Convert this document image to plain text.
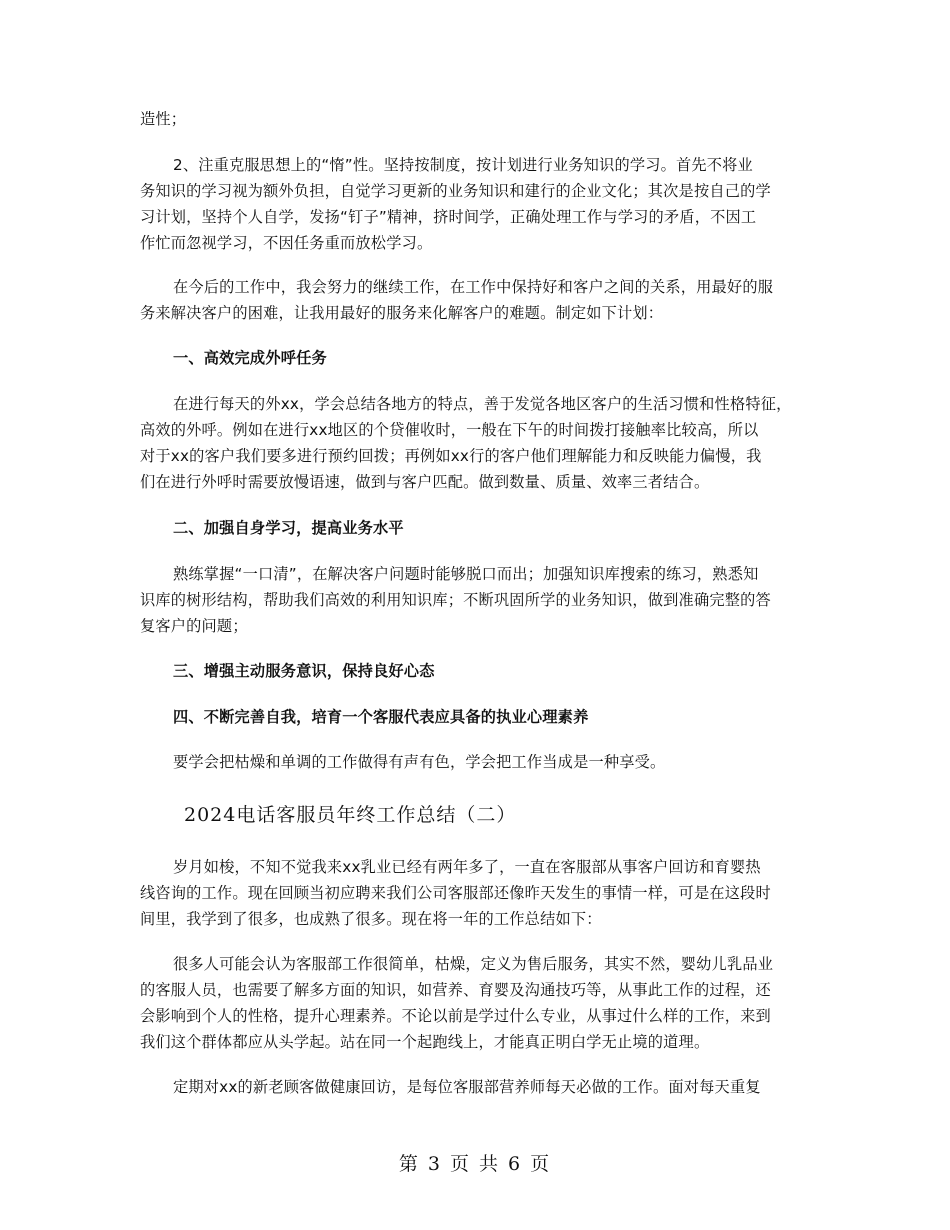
造性；
2、注重克服思想上的“惰”性。坚持按制度，按计划进行业务知识的学习。首先不将业
务知识的学习视为额外负担，自觉学习更新的业务知识和建行的企业文化；其次是按自己的学
习计划，坚持个人自学，发扬“钉子”精神，挤时间学，正确处理工作与学习的矛盾，不因工
作忙而忽视学习，不因任务重而放松学习。
在今后的工作中，我会努力的继续工作，在工作中保持好和客户之间的关系，用最好的服
务来解决客户的困难，让我用最好的服务来化解客户的难题。制定如下计划：
一、高效完成外呼任务
在进行每天的外xx，学会总结各地方的特点，善于发觉各地区客户的生活习惯和性格特征，
高效的外呼。例如在进行xx地区的个贷催收时，一般在下午的时间拨打接触率比较高，所以
对于xx的客户我们要多进行预约回拨；再例如xx行的客户他们理解能力和反映能力偏慢，我
们在进行外呼时需要放慢语速，做到与客户匹配。做到数量、质量、效率三者结合。
二、加强自身学习，提高业务水平
熟练掌握“一口清”，在解决客户问题时能够脱口而出；加强知识库搜索的练习，熟悉知
识库的树形结构，帮助我们高效的利用知识库；不断巩固所学的业务知识，做到准确完整的答
复客户的问题；
三、增强主动服务意识，保持良好心态
四、不断完善自我，培育一个客服代表应具备的执业心理素养
要学会把枯燥和单调的工作做得有声有色，学会把工作当成是一种享受。
2024电话客服员年终工作总结（二）
岁月如梭，不知不觉我来xx乳业已经有两年多了，一直在客服部从事客户回访和育婴热
线咨询的工作。现在回顾当初应聘来我们公司客服部还像昨天发生的事情一样，可是在这段时
间里，我学到了很多，也成熟了很多。现在将一年的工作总结如下：
很多人可能会认为客服部工作很简单，枯燥，定义为售后服务，其实不然，婴幼儿乳品业
的客服人员，也需要了解多方面的知识，如营养、育婴及沟通技巧等，从事此工作的过程，还
会影响到个人的性格，提升心理素养。不论以前是学过什么专业，从事过什么样的工作，来到
我们这个群体都应从头学起。站在同一个起跑线上，才能真正明白学无止境的道理。
定期对xx的新老顾客做健康回访，是每位客服部营养师每天必做的工作。面对每天重复
第 3 页 共 6 页
